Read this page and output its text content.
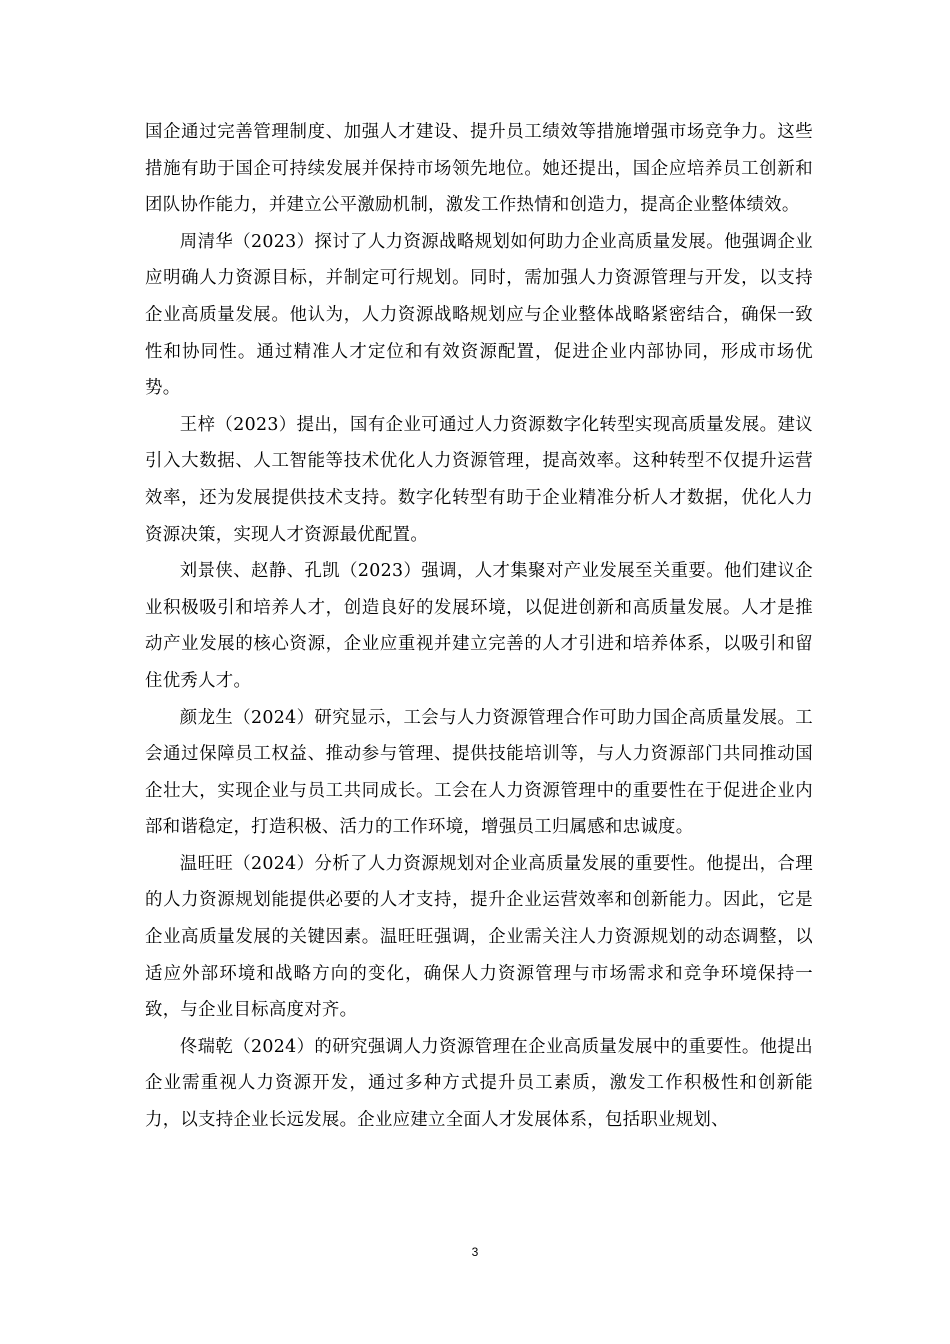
国企通过完善管理制度、加强人才建设、提升员工绩效等措施增强市场竞争力。这些措施有助于国企可持续发展并保持市场领先地位。她还提出，国企应培养员工创新和团队协作能力，并建立公平激励机制，激发工作热情和创造力，提高企业整体绩效。

周清华（2023）探讨了人力资源战略规划如何助力企业高质量发展。他强调企业应明确人力资源目标，并制定可行规划。同时，需加强人力资源管理与开发，以支持企业高质量发展。他认为，人力资源战略规划应与企业整体战略紧密结合，确保一致性和协同性。通过精准人才定位和有效资源配置，促进企业内部协同，形成市场优势。

王梓（2023）提出，国有企业可通过人力资源数字化转型实现高质量发展。建议引入大数据、人工智能等技术优化人力资源管理，提高效率。这种转型不仅提升运营效率，还为发展提供技术支持。数字化转型有助于企业精准分析人才数据，优化人力资源决策，实现人才资源最优配置。

刘景侠、赵静、孔凯（2023）强调，人才集聚对产业发展至关重要。他们建议企业积极吸引和培养人才，创造良好的发展环境，以促进创新和高质量发展。人才是推动产业发展的核心资源，企业应重视并建立完善的人才引进和培养体系，以吸引和留住优秀人才。

颜龙生（2024）研究显示，工会与人力资源管理合作可助力国企高质量发展。工会通过保障员工权益、推动参与管理、提供技能培训等，与人力资源部门共同推动国企壮大，实现企业与员工共同成长。工会在人力资源管理中的重要性在于促进企业内部和谐稳定，打造积极、活力的工作环境，增强员工归属感和忠诚度。

温旺旺（2024）分析了人力资源规划对企业高质量发展的重要性。他提出，合理的人力资源规划能提供必要的人才支持，提升企业运营效率和创新能力。因此，它是企业高质量发展的关键因素。温旺旺强调，企业需关注人力资源规划的动态调整，以适应外部环境和战略方向的变化，确保人力资源管理与市场需求和竞争环境保持一致，与企业目标高度对齐。

佟瑞乾（2024）的研究强调人力资源管理在企业高质量发展中的重要性。他提出企业需重视人力资源开发，通过多种方式提升员工素质，激发工作积极性和创新能力，以支持企业长远发展。企业应建立全面人才发展体系，包括职业规划、

3
